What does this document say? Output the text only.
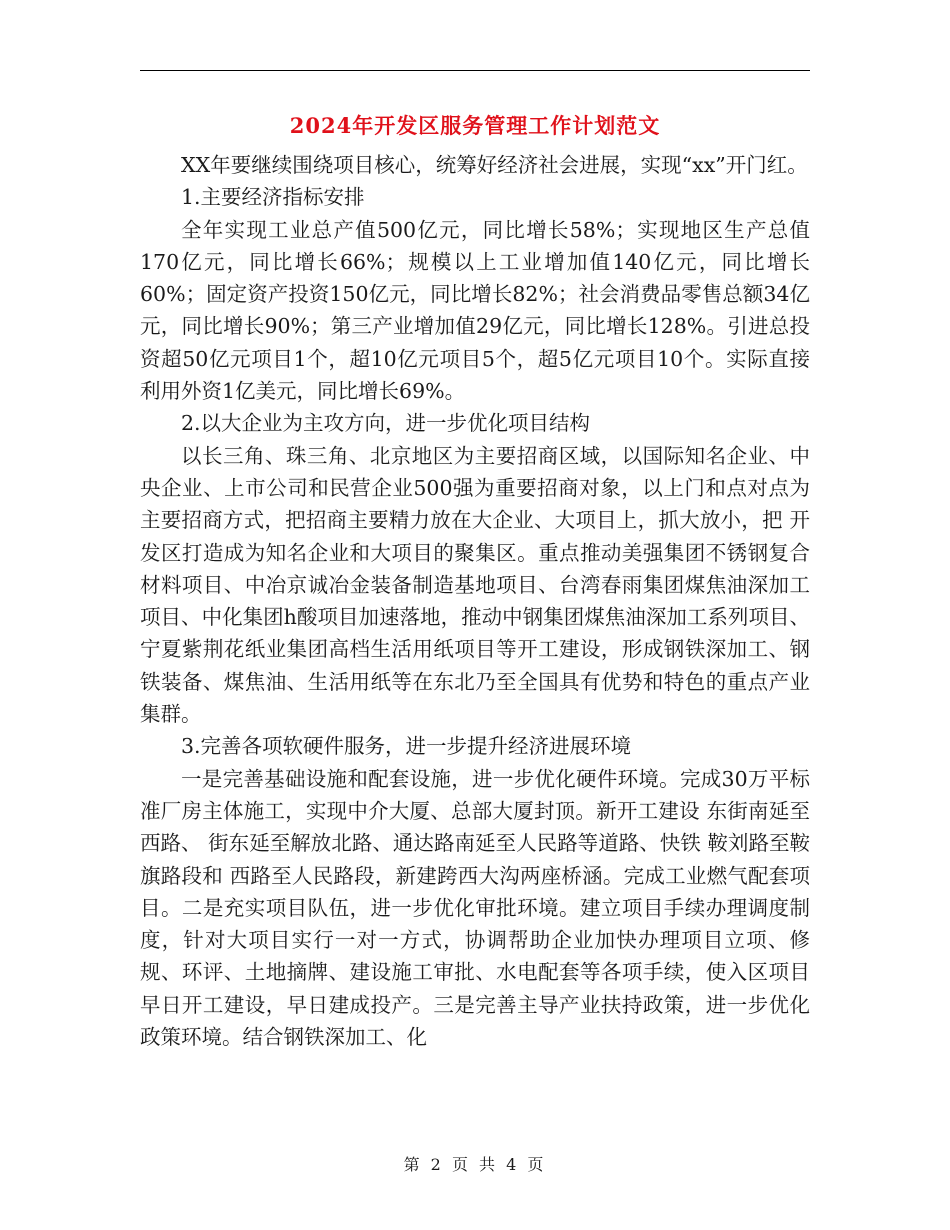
2024年开发区服务管理工作计划范文

XX年要继续围绕项目核心，统筹好经济社会进展，实现“xx”开门红。

1.主要经济指标安排

全年实现工业总产值500亿元，同比增长58%；实现地区生产总值170亿元，同比增长66%；规模以上工业增加值140亿元，同比增长60%；固定资产投资150亿元，同比增长82%；社会消费品零售总额34亿元，同比增长90%；第三产业增加值29亿元，同比增长128%。引进总投资超50亿元项目1个，超10亿元项目5个，超5亿元项目10个。实际直接利用外资1亿美元，同比增长69%。

2.以大企业为主攻方向，进一步优化项目结构

以长三角、珠三角、北京地区为主要招商区域，以国际知名企业、中央企业、上市公司和民营企业500强为重要招商对象，以上门和点对点为主要招商方式，把招商主要精力放在大企业、大项目上，抓大放小，把 开发区打造成为知名企业和大项目的聚集区。重点推动美强集团不锈钢复合材料项目、中冶京诚冶金装备制造基地项目、台湾春雨集团煤焦油深加工项目、中化集团h酸项目加速落地，推动中钢集团煤焦油深加工系列项目、宁夏紫荆花纸业集团高档生活用纸项目等开工建设，形成钢铁深加工、钢铁装备、煤焦油、生活用纸等在东北乃至全国具有优势和特色的重点产业集群。

3.完善各项软硬件服务，进一步提升经济进展环境

一是完善基础设施和配套设施，进一步优化硬件环境。完成30万平标准厂房主体施工，实现中介大厦、总部大厦封顶。新开工建设 东街南延至 西路、 街东延至解放北路、通达路南延至人民路等道路、快铁 鞍刘路至鞍旗路段和 西路至人民路段，新建跨西大沟两座桥涵。完成工业燃气配套项目。二是充实项目队伍，进一步优化审批环境。建立项目手续办理调度制度，针对大项目实行一对一方式，协调帮助企业加快办理项目立项、修规、环评、土地摘牌、建设施工审批、水电配套等各项手续，使入区项目早日开工建设，早日建成投产。三是完善主导产业扶持政策，进一步优化政策环境。结合钢铁深加工、化

第 2 页 共 4 页
